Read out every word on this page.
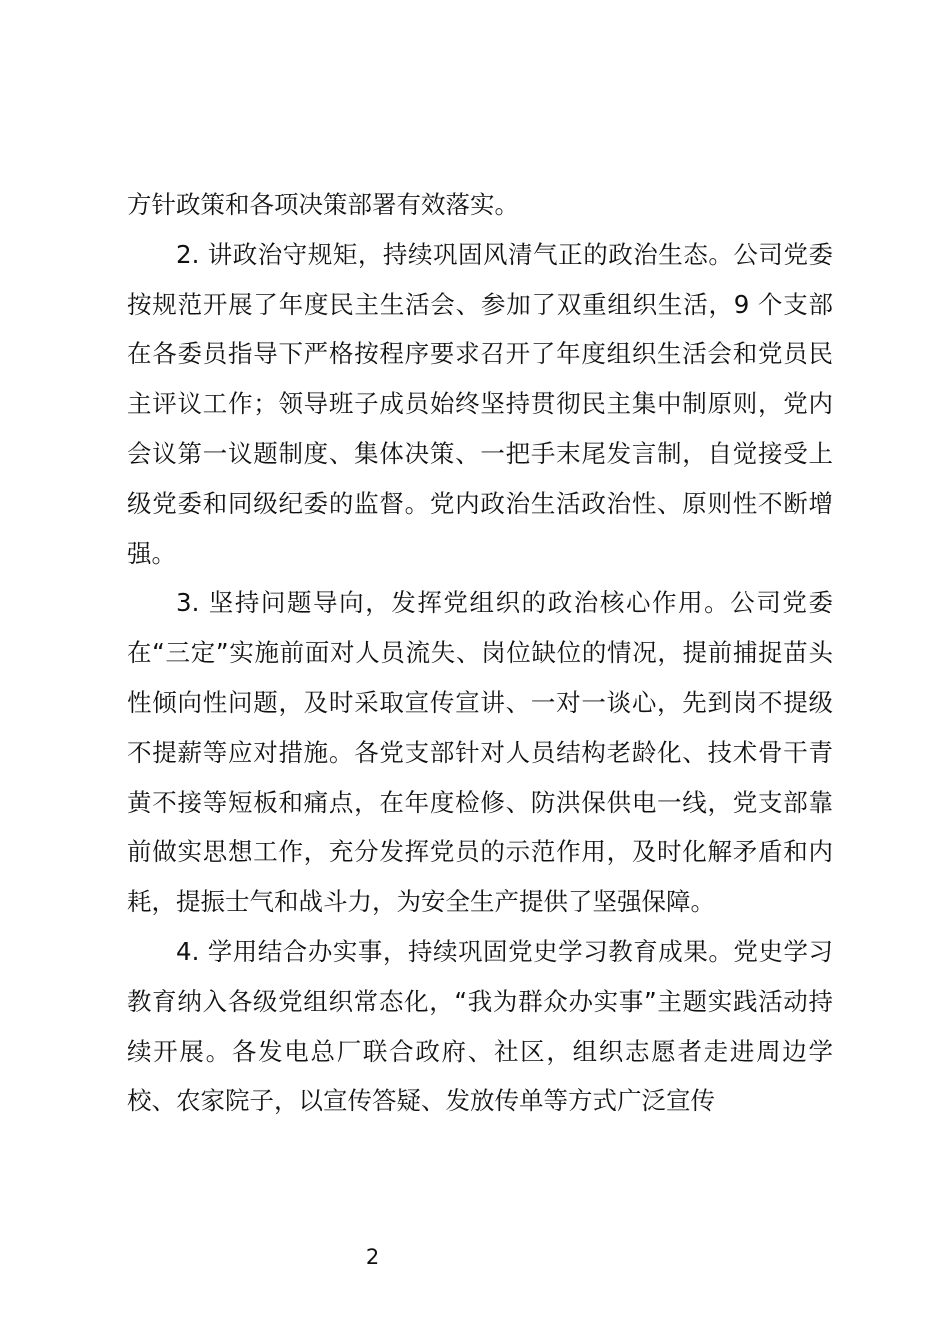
方针政策和各项决策部署有效落实。

2. 讲政治守规矩，持续巩固风清气正的政治生态。公司党委按规范开展了年度民主生活会、参加了双重组织生活，9 个支部在各委员指导下严格按程序要求召开了年度组织生活会和党员民主评议工作；领导班子成员始终坚持贯彻民主集中制原则，党内会议第一议题制度、集体决策、一把手末尾发言制，自觉接受上级党委和同级纪委的监督。党内政治生活政治性、原则性不断增强。

3. 坚持问题导向，发挥党组织的政治核心作用。公司党委在“三定”实施前面对人员流失、岗位缺位的情况，提前捕捉苗头性倾向性问题，及时采取宣传宣讲、一对一谈心，先到岗不提级不提薪等应对措施。各党支部针对人员结构老龄化、技术骨干青黄不接等短板和痛点，在年度检修、防洪保供电一线，党支部靠前做实思想工作，充分发挥党员的示范作用，及时化解矛盾和内耗，提振士气和战斗力，为安全生产提供了坚强保障。

4. 学用结合办实事，持续巩固党史学习教育成果。党史学习教育纳入各级党组织常态化，“我为群众办实事”主题实践活动持续开展。各发电总厂联合政府、社区，组织志愿者走进周边学校、农家院子，以宣传答疑、发放传单等方式广泛宣传

2
